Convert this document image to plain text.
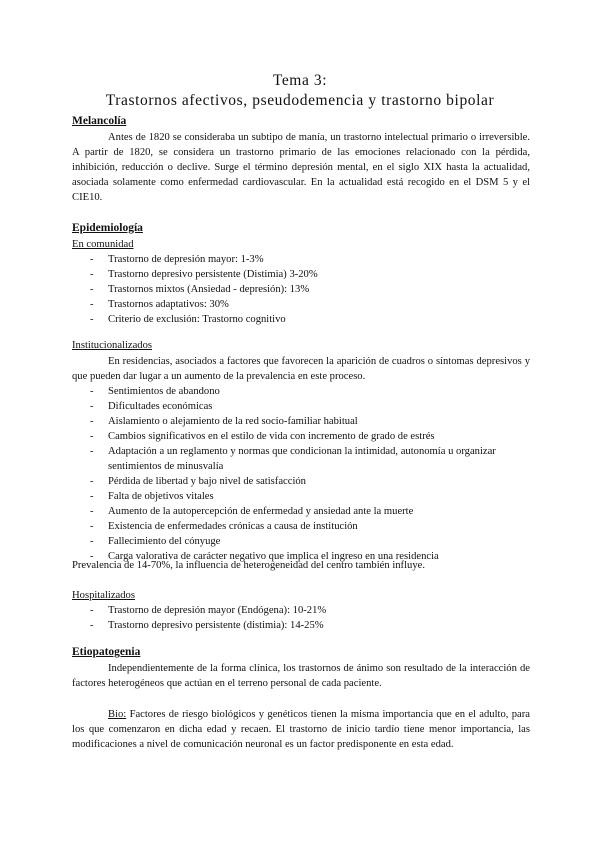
Tema 3:
Trastornos afectivos, pseudodemencia y trastorno bipolar
Melancolía
Antes de 1820 se consideraba un subtipo de manía, un trastorno intelectual primario o irreversible. A partir de 1820, se considera un trastorno primario de las emociones relacionado con la pérdida, inhibición, reducción o declive. Surge el término depresión mental, en el siglo XIX hasta la actualidad, asociada solamente como enfermedad cardiovascular. En la actualidad está recogido en el DSM 5 y el CIE10.
Epidemiología
En comunidad
- Trastorno de depresión mayor: 1-3%
- Trastorno depresivo persistente (Distimia) 3-20%
- Trastornos mixtos (Ansiedad - depresión): 13%
- Trastornos adaptativos: 30%
- Criterio de exclusión: Trastorno cognitivo
Institucionalizados
En residencias, asociados a factores que favorecen la aparición de cuadros o síntomas depresivos y que pueden dar lugar a un aumento de la prevalencia en este proceso.
- Sentimientos de abandono
- Dificultades económicas
- Aislamiento o alejamiento de la red socio-familiar habitual
- Cambios significativos en el estilo de vida con incremento de grado de estrés
- Adaptación a un reglamento y normas que condicionan la intimidad, autonomía u organizar sentimientos de minusvalía
- Pérdida de libertad y bajo nivel de satisfacción
- Falta de objetivos vitales
- Aumento de la autopercepción de enfermedad y ansiedad ante la muerte
- Existencia de enfermedades crónicas a causa de institución
- Fallecimiento del cónyuge
- Carga valorativa de carácter negativo que implica el ingreso en una residencia
Prevalencia de 14-70%, la influencia de heterogeneidad del centro también influye.
Hospitalizados
- Trastorno de depresión mayor (Endógena): 10-21%
- Trastorno depresivo persistente (distimia): 14-25%
Etiopatogenia
Independientemente de la forma clínica, los trastornos de ánimo son resultado de la interacción de factores heterogéneos que actúan en el terreno personal de cada paciente.
Bio: Factores de riesgo biológicos y genéticos tienen la misma importancia que en el adulto, para los que comenzaron en dicha edad y recaen. El trastorno de inicio tardío tiene menor importancia, las modificaciones a nivel de comunicación neuronal es un factor predisponente en esta edad.
